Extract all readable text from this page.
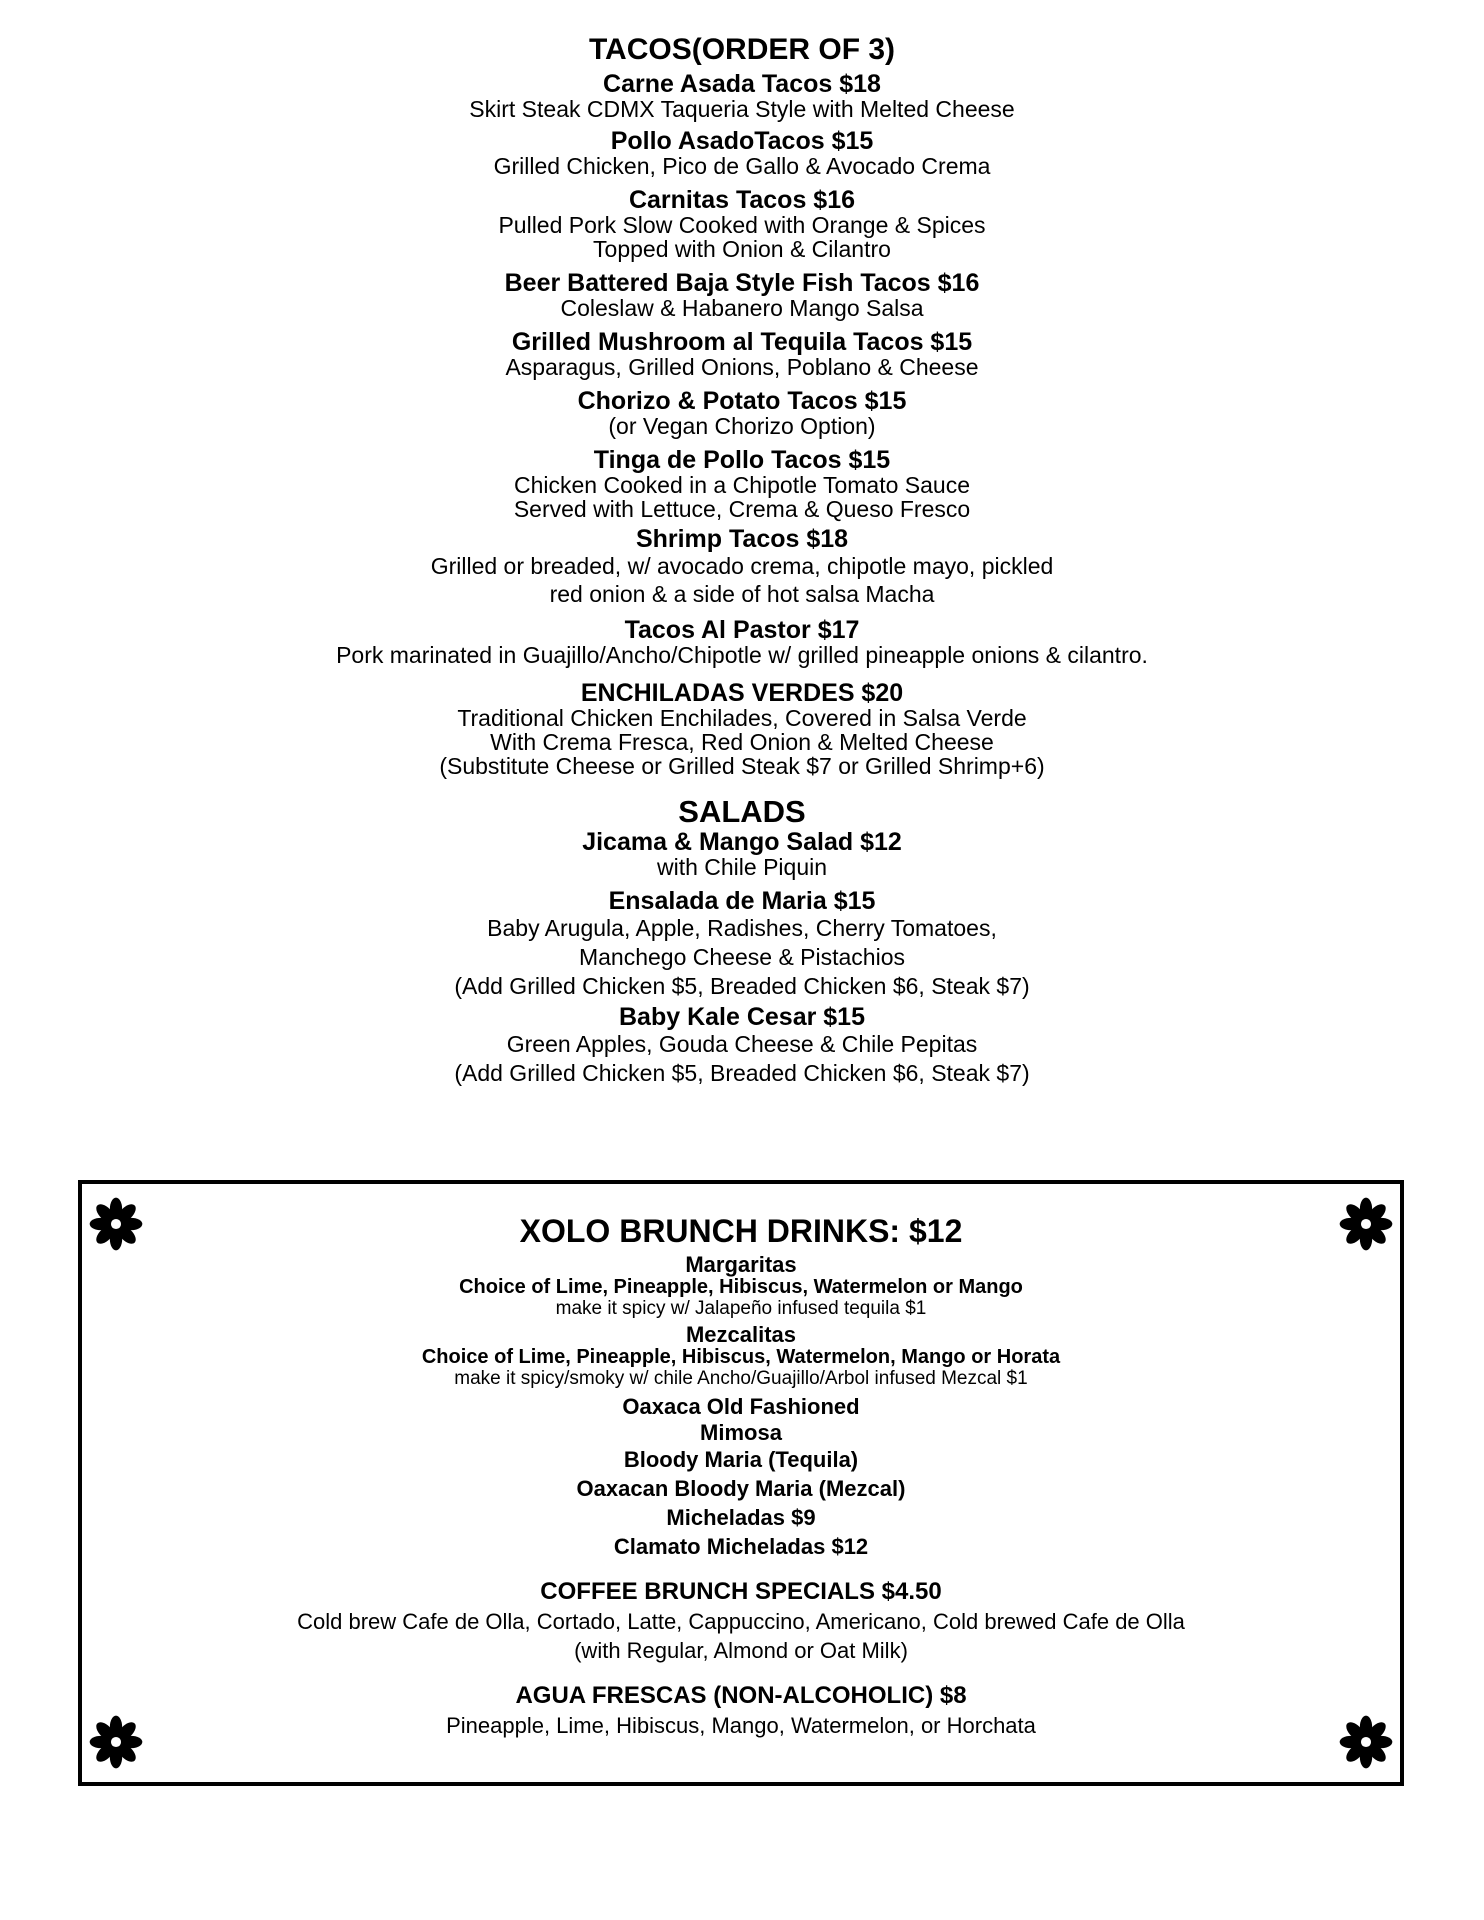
TACOS(ORDER OF 3)
Carne Asada Tacos $18
Skirt Steak CDMX Taqueria Style with Melted Cheese
Pollo AsadoTacos $15
Grilled Chicken, Pico de Gallo & Avocado Crema
Carnitas Tacos $16
Pulled Pork Slow Cooked with Orange & Spices
Topped with Onion & Cilantro
Beer Battered Baja Style Fish Tacos $16
Coleslaw & Habanero Mango Salsa
Grilled Mushroom al Tequila Tacos $15
Asparagus, Grilled Onions, Poblano & Cheese
Chorizo & Potato Tacos $15
(or Vegan Chorizo Option)
Tinga de Pollo Tacos $15
Chicken Cooked in a Chipotle Tomato Sauce
Served with Lettuce, Crema & Queso Fresco
Shrimp Tacos $18
Grilled or breaded, w/ avocado crema, chipotle mayo, pickled
red onion & a side of hot salsa Macha
Tacos Al Pastor $17
Pork marinated in Guajillo/Ancho/Chipotle w/ grilled pineapple onions & cilantro.
ENCHILADAS VERDES $20
Traditional Chicken Enchilades, Covered in Salsa Verde
With Crema Fresca, Red Onion & Melted Cheese
(Substitute Cheese or Grilled Steak $7 or Grilled Shrimp+6)
SALADS
Jicama & Mango Salad $12
with Chile Piquin
Ensalada de Maria $15
Baby Arugula, Apple, Radishes, Cherry Tomatoes,
Manchego Cheese & Pistachios
(Add Grilled Chicken $5, Breaded Chicken $6, Steak $7)
Baby Kale Cesar $15
Green Apples, Gouda Cheese & Chile Pepitas
(Add Grilled Chicken $5, Breaded Chicken $6, Steak $7)
XOLO BRUNCH DRINKS: $12
Margaritas
Choice of Lime, Pineapple, Hibiscus, Watermelon or Mango
make it spicy w/ Jalapeño infused tequila $1
Mezcalitas
Choice of Lime, Pineapple, Hibiscus, Watermelon, Mango or Horata
make it spicy/smoky w/ chile Ancho/Guajillo/Arbol infused Mezcal $1
Oaxaca Old Fashioned
Mimosa
Bloody Maria (Tequila)
Oaxacan Bloody Maria (Mezcal)
Micheladas $9
Clamato Micheladas $12
COFFEE BRUNCH SPECIALS $4.50
Cold brew Cafe de Olla, Cortado, Latte, Cappuccino, Americano, Cold brewed Cafe de Olla
(with Regular, Almond or Oat Milk)
AGUA FRESCAS (NON-ALCOHOLIC) $8
Pineapple, Lime, Hibiscus, Mango, Watermelon, or Horchata
